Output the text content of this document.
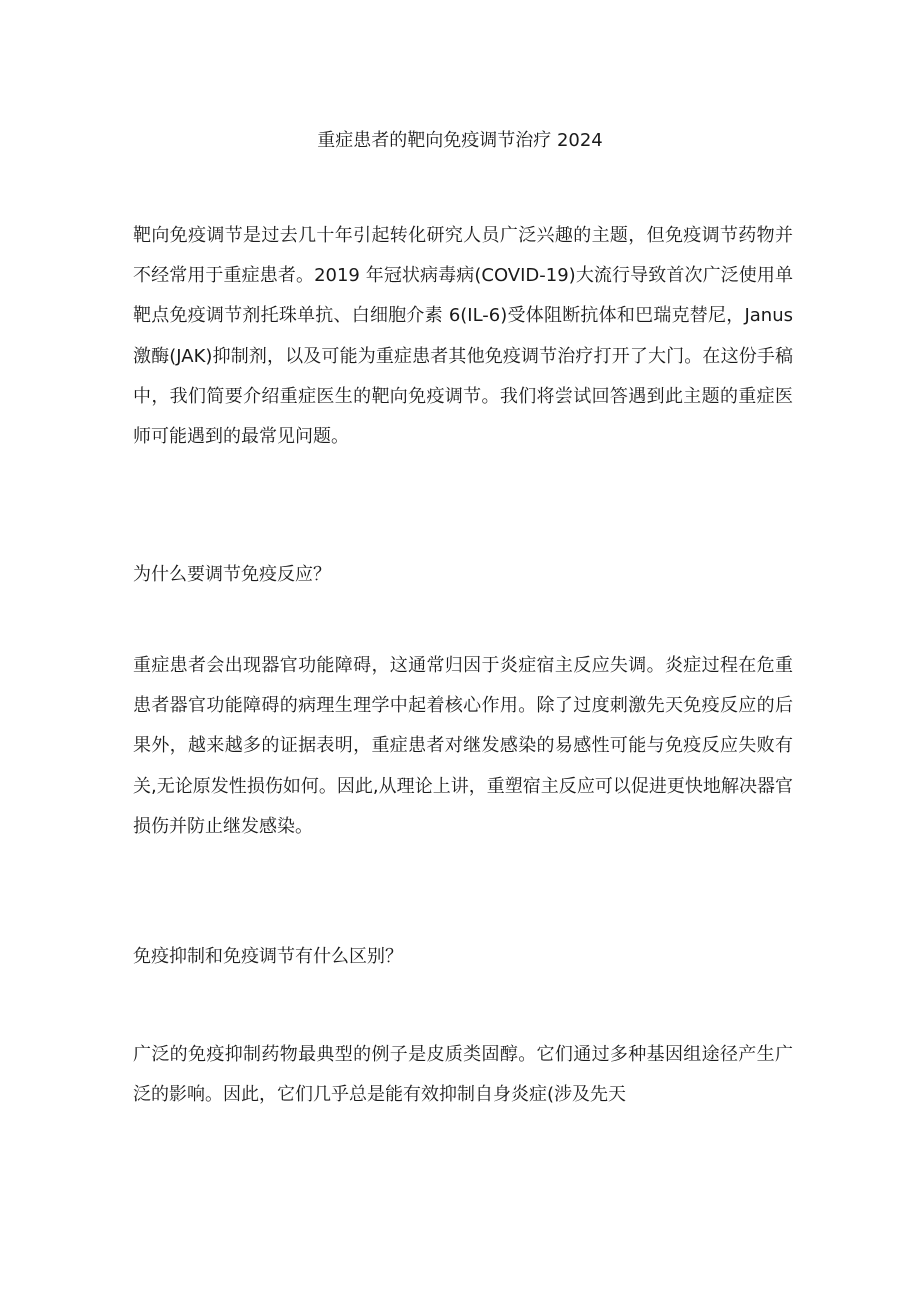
重症患者的靶向免疫调节治疗 2024

靶向免疫调节是过去几十年引起转化研究人员广泛兴趣的主题，但免疫调节药物并不经常用于重症患者。2019 年冠状病毒病(COVID-19)大流行导致首次广泛使用单靶点免疫调节剂托珠单抗、白细胞介素 6(IL-6)受体阻断抗体和巴瑞克替尼，Janus 激酶(JAK)抑制剂，以及可能为重症患者其他免疫调节治疗打开了大门。在这份手稿中，我们简要介绍重症医生的靶向免疫调节。我们将尝试回答遇到此主题的重症医师可能遇到的最常见问题。

为什么要调节免疫反应？

重症患者会出现器官功能障碍，这通常归因于炎症宿主反应失调。炎症过程在危重患者器官功能障碍的病理生理学中起着核心作用。除了过度刺激先天免疫反应的后果外，越来越多的证据表明，重症患者对继发感染的易感性可能与免疫反应失败有关,无论原发性损伤如何。因此,从理论上讲，重塑宿主反应可以促进更快地解决器官损伤并防止继发感染。

免疫抑制和免疫调节有什么区别？

广泛的免疫抑制药物最典型的例子是皮质类固醇。它们通过多种基因组途径产生广泛的影响。因此，它们几乎总是能有效抑制自身炎症(涉及先天
